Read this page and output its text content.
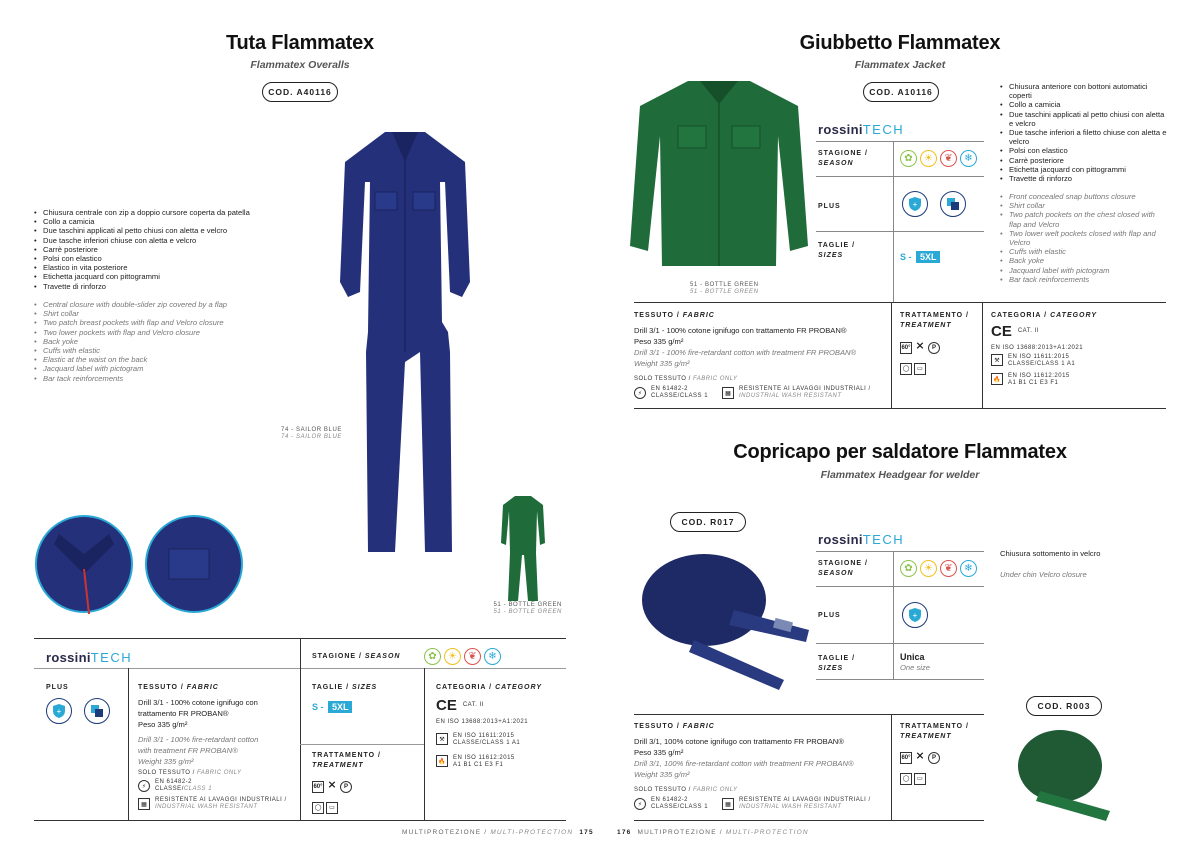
Tuta Flammatex
Flammatex Overalls
COD. A40116
• Chiusura centrale con zip a doppio cursore coperta da patella
• Collo a camicia
• Due taschini applicati al petto chiusi con aletta e velcro
• Due tasche inferiori chiuse con aletta e velcro
• Carrè posteriore
• Polsi con elastico
• Elastico in vita posteriore
• Etichetta jacquard con pittogrammi
• Travette di rinforzo
• Central closure with double-slider zip covered by a flap
• Shirt collar
• Two patch breast pockets with flap and Velcro closure
• Two lower pockets with flap and Velcro closure
• Back yoke
• Cuffs with elastic
• Elastic at the waist on the back
• Jacquard label with pictogram
• Bar tack reinforcements
74 - SAILOR BLUE
74 - SAILOR BLUE
51 - BOTTLE GREEN
51 - BOTTLE GREEN
rossiniTECH	STAGIONE / SEASON	✿	☀	❦	❄
PLUS
+
TESSUTO / FABRIC
Drill 3/1 - 100% cotone ignifugo con
trattamento FR PROBAN®
Peso 335 g/m²
Drill 3/1 - 100% fire-retardant cotton
with treatment FR PROBAN®
Weight 335 g/m²
SOLO TESSUTO / FABRIC ONLY
⚡
EN 61482-2
CLASSE/CLASS 1
▦
RESISTENTE AI LAVAGGI INDUSTRIALI /
INDUSTRIAL WASH RESISTANT
TAGLIE / SIZES
S - 5XL
TRATTAMENTO /
TREATMENT
60° ⨯ P
◯ ▭
CATEGORIA / CATEGORY
CE CAT. II
EN ISO 13688:2013+A1:2021
⚒
EN ISO 11611:2015
CLASSE/CLASS 1 A1
🔥
EN ISO 11612:2015
A1 B1 C1 E3 F1
MULTIPROTEZIONE / MULTI-PROTECTION 175
Giubbetto Flammatex
Flammatex Jacket
COD. A10116
• Chiusura anteriore con bottoni automatici coperti
• Collo a camicia
• Due taschini applicati al petto chiusi con aletta e velcro
• Due tasche inferiori a filetto chiuse con aletta e velcro
• Polsi con elastico
• Carrè posteriore
• Etichetta jacquard con pittogrammi
• Travette di rinforzo
• Front concealed snap buttons closure
• Shirt collar
• Two patch pockets on the chest closed with flap and Velcro
• Two lower welt pockets closed with flap and Velcro
• Cuffs with elastic
• Back yoke
• Jacquard label with pictogram
• Bar tack reinforcements
51 - BOTTLE GREEN
51 - BOTTLE GREEN
rossiniTECH
STAGIONE /
SEASON	✿	☀	❦	❄
PLUS	+
TAGLIE /
SIZES	S - 5XL
TESSUTO / FABRIC
Drill 3/1 - 100% cotone ignifugo con trattamento FR PROBAN®
Peso 335 g/m²
Drill 3/1 - 100% fire-retardant cotton with treatment FR PROBAN®
Weight 335 g/m²
SOLO TESSUTO / FABRIC ONLY
⚡
EN 61482-2
CLASSE/CLASS 1	▦
RESISTENTE AI LAVAGGI INDUSTRIALI /
INDUSTRIAL WASH RESISTANT
TRATTAMENTO /
TREATMENT
60° ⨯ P
◯ ▭
CATEGORIA / CATEGORY
CE CAT. II
EN ISO 13688:2013+A1:2021
⚒
EN ISO 11611:2015
CLASSE/CLASS 1 A1
🔥
EN ISO 11612:2015
A1 B1 C1 E3 F1
Copricapo per saldatore Flammatex
Flammatex Headgear for welder
COD. R017
rossiniTECH
STAGIONE /
SEASON	✿	☀	❦	❄
PLUS	+
TAGLIE /
SIZES
Unica
One size
Chiusura sottomento in velcro
Under chin Velcro closure
COD. R003
TESSUTO / FABRIC
Drill 3/1, 100% cotone ignifugo con trattamento FR PROBAN®
Peso 335 g/m²
Drill 3/1, 100% fire-retardant cotton with treatment FR PROBAN®
Weight 335 g/m²
SOLO TESSUTO / FABRIC ONLY
⚡
EN 61482-2
CLASSE/CLASS 1	▦
RESISTENTE AI LAVAGGI INDUSTRIALI /
INDUSTRIAL WASH RESISTANT
TRATTAMENTO /
TREATMENT
60° ⨯ P
◯ ▭
176 MULTIPROTEZIONE / MULTI-PROTECTION
